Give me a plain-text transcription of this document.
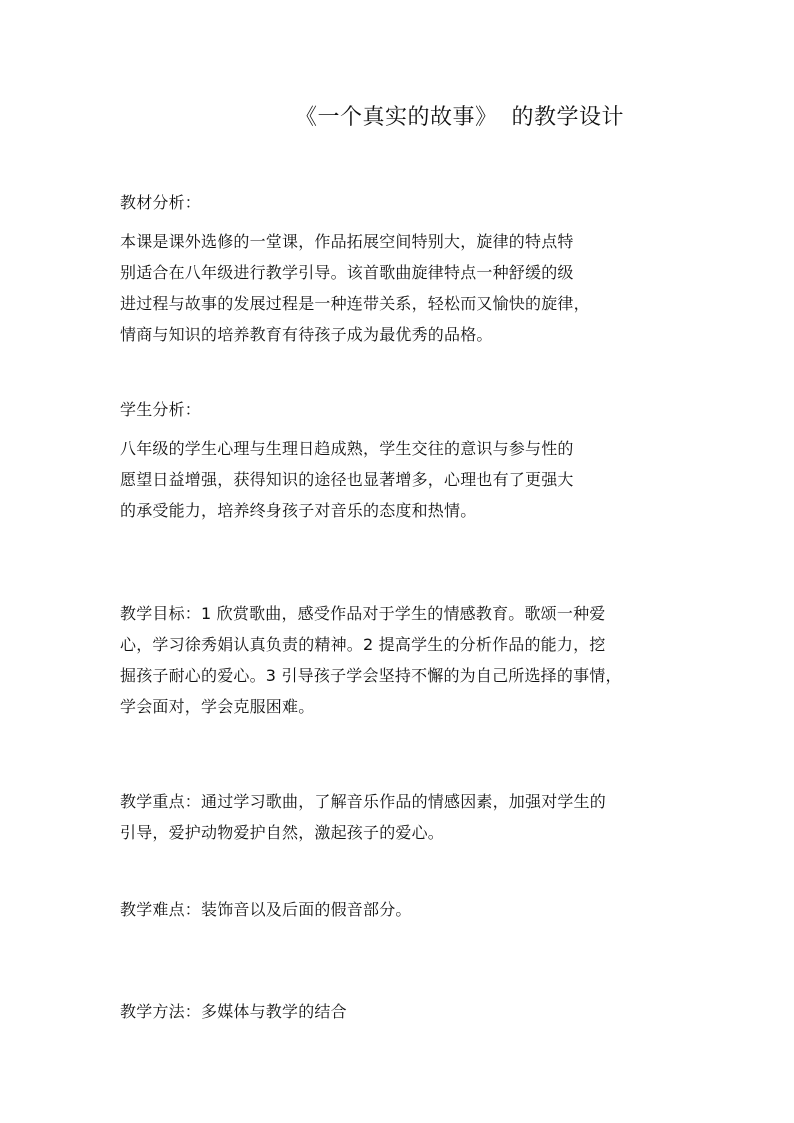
《一个真实的故事》 的教学设计
教材分析：
本课是课外选修的一堂课，作品拓展空间特别大，旋律的特点特
别适合在八年级进行教学引导。该首歌曲旋律特点一种舒缓的级
进过程与故事的发展过程是一种连带关系，轻松而又愉快的旋律，
情商与知识的培养教育有待孩子成为最优秀的品格。
学生分析：
八年级的学生心理与生理日趋成熟，学生交往的意识与参与性的
愿望日益增强，获得知识的途径也显著增多，心理也有了更强大
的承受能力，培养终身孩子对音乐的态度和热情。
教学目标：1 欣赏歌曲，感受作品对于学生的情感教育。歌颂一种爱
心，学习徐秀娟认真负责的精神。2 提高学生的分析作品的能力，挖
掘孩子耐心的爱心。3 引导孩子学会坚持不懈的为自己所选择的事情，
学会面对，学会克服困难。
教学重点：通过学习歌曲，了解音乐作品的情感因素，加强对学生的
引导，爱护动物爱护自然，激起孩子的爱心。
教学难点：装饰音以及后面的假音部分。
教学方法：多媒体与教学的结合
